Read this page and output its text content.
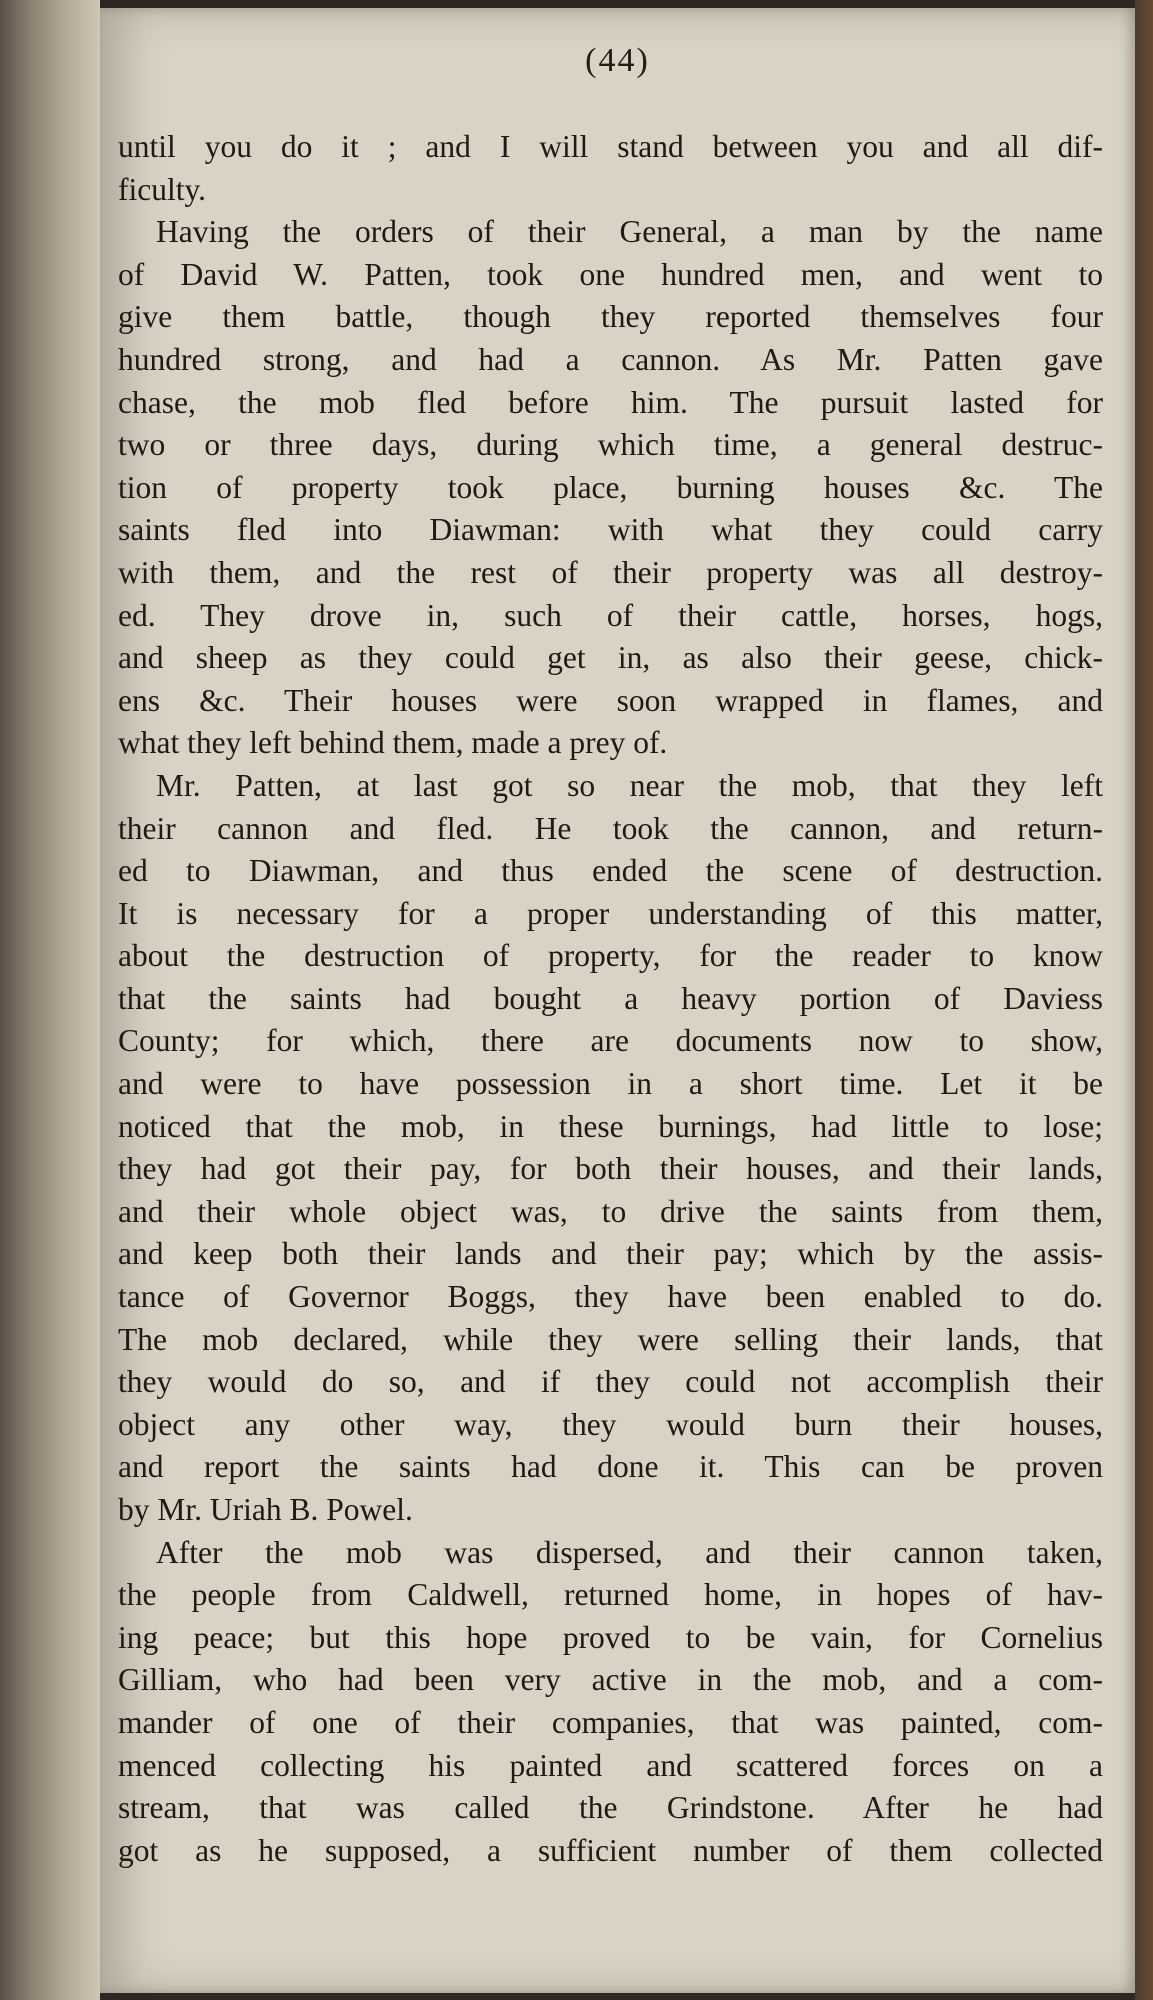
(44)
until you do it ; and I will stand between you and all dif-
ficulty.
Having the orders of their General, a man by the name
of David W. Patten, took one hundred men, and went to
give them battle, though they reported themselves four
hundred strong, and had a cannon. As Mr. Patten gave
chase, the mob fled before him. The pursuit lasted for
two or three days, during which time, a general destruc-
tion of property took place, burning houses &c. The
saints fled into Diawman: with what they could carry
with them, and the rest of their property was all destroy-
ed. They drove in, such of their cattle, horses, hogs,
and sheep as they could get in, as also their geese, chick-
ens &c. Their houses were soon wrapped in flames, and
what they left behind them, made a prey of.
Mr. Patten, at last got so near the mob, that they left
their cannon and fled. He took the cannon, and return-
ed to Diawman, and thus ended the scene of destruction.
It is necessary for a proper understanding of this matter,
about the destruction of property, for the reader to know
that the saints had bought a heavy portion of Daviess
County; for which, there are documents now to show,
and were to have possession in a short time. Let it be
noticed that the mob, in these burnings, had little to lose;
they had got their pay, for both their houses, and their lands,
and their whole object was, to drive the saints from them,
and keep both their lands and their pay; which by the assis-
tance of Governor Boggs, they have been enabled to do.
The mob declared, while they were selling their lands, that
they would do so, and if they could not accomplish their
object any other way, they would burn their houses,
and report the saints had done it. This can be proven
by Mr. Uriah B. Powel.
After the mob was dispersed, and their cannon taken,
the people from Caldwell, returned home, in hopes of hav-
ing peace; but this hope proved to be vain, for Cornelius
Gilliam, who had been very active in the mob, and a com-
mander of one of their companies, that was painted, com-
menced collecting his painted and scattered forces on a
stream, that was called the Grindstone. After he had
got as he supposed, a sufficient number of them collected
